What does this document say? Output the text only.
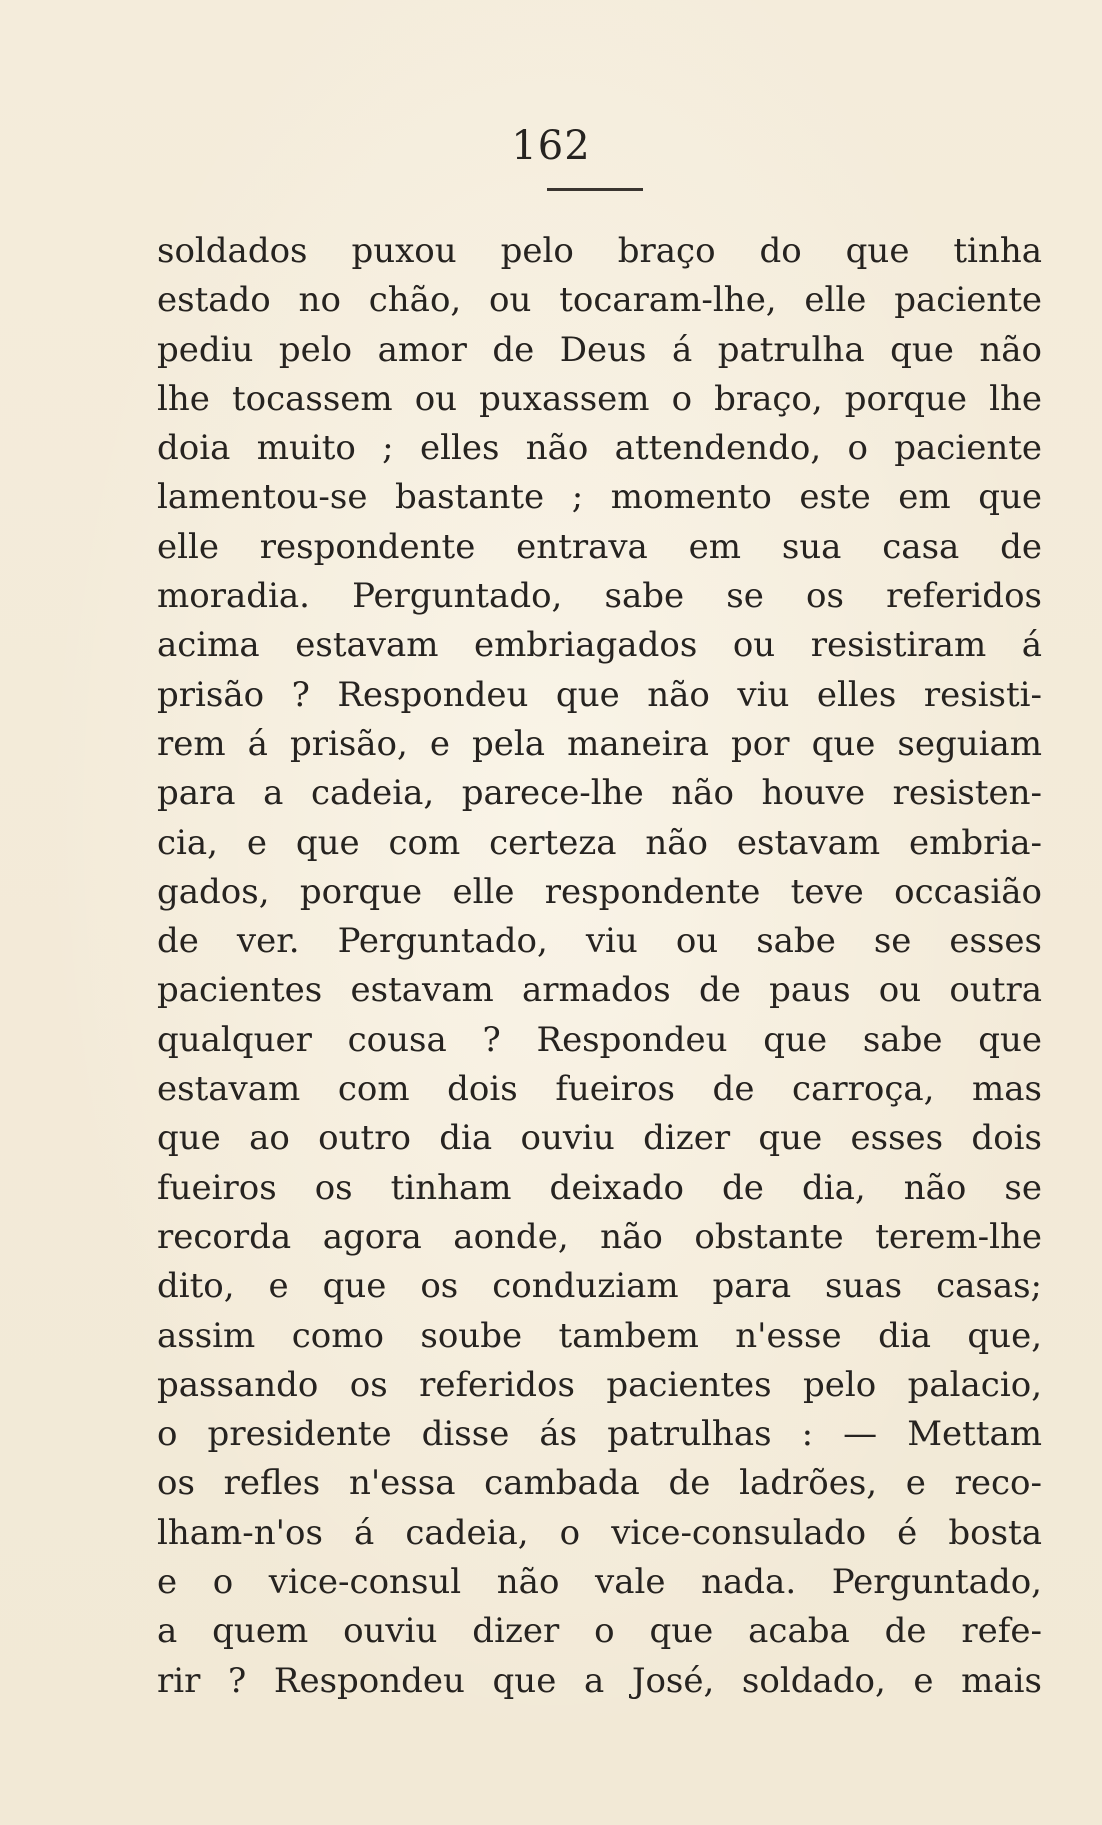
162
soldados puxou pelo braço do que tinha
estado no chão, ou tocaram-lhe, elle paciente
pediu pelo amor de Deus á patrulha que não
lhe tocassem ou puxassem o braço, porque lhe
doia muito ; elles não attendendo, o paciente
lamentou-se bastante ; momento este em que
elle respondente entrava em sua casa de
moradia. Perguntado, sabe se os referidos
acima estavam embriagados ou resistiram á
prisão ? Respondeu que não viu elles resisti-
rem á prisão, e pela maneira por que seguiam
para a cadeia, parece-lhe não houve resisten-
cia, e que com certeza não estavam embria-
gados, porque elle respondente teve occasião
de ver. Perguntado, viu ou sabe se esses
pacientes estavam armados de paus ou outra
qualquer cousa ? Respondeu que sabe que
estavam com dois fueiros de carroça, mas
que ao outro dia ouviu dizer que esses dois
fueiros os tinham deixado de dia, não se
recorda agora aonde, não obstante terem-lhe
dito, e que os conduziam para suas casas;
assim como soube tambem n'esse dia que,
passando os referidos pacientes pelo palacio,
o presidente disse ás patrulhas : — Mettam
os refles n'essa cambada de ladrões, e reco-
lham-n'os á cadeia, o vice-consulado é bosta
e o vice-consul não vale nada. Perguntado,
a quem ouviu dizer o que acaba de refe-
rir ? Respondeu que a José, soldado, e mais
